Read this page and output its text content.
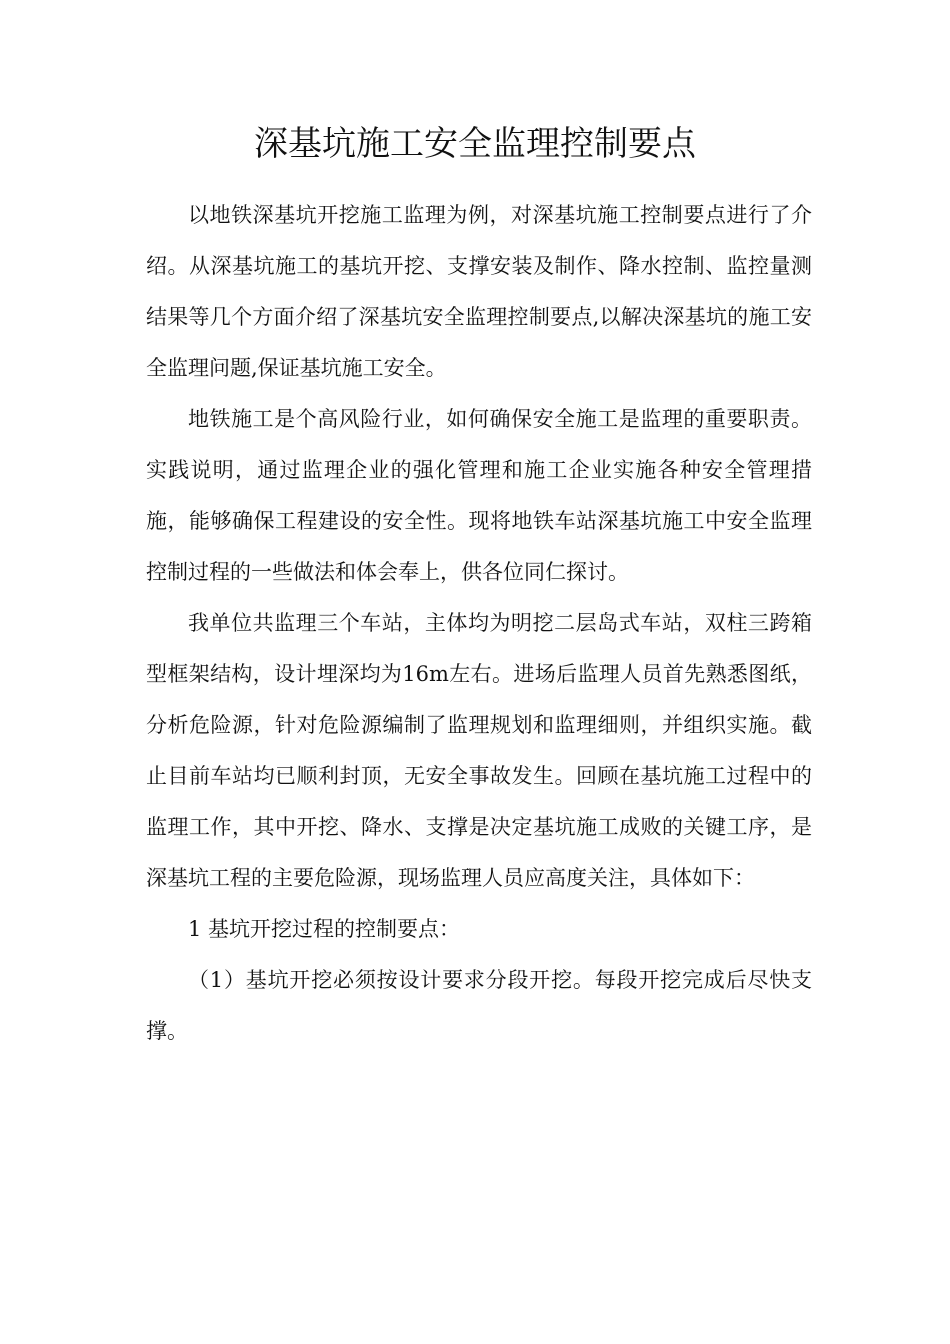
深基坑施工安全监理控制要点

以地铁深基坑开挖施工监理为例，对深基坑施工控制要点进行了介绍。从深基坑施工的基坑开挖、支撑安装及制作、降水控制、监控量测结果等几个方面介绍了深基坑安全监理控制要点,以解决深基坑的施工安全监理问题,保证基坑施工安全。

地铁施工是个高风险行业，如何确保安全施工是监理的重要职责。实践说明，通过监理企业的强化管理和施工企业实施各种安全管理措施，能够确保工程建设的安全性。现将地铁车站深基坑施工中安全监理控制过程的一些做法和体会奉上，供各位同仁探讨。

我单位共监理三个车站，主体均为明挖二层岛式车站，双柱三跨箱型框架结构，设计埋深均为16m左右。进场后监理人员首先熟悉图纸，分析危险源，针对危险源编制了监理规划和监理细则，并组织实施。截止目前车站均已顺利封顶，无安全事故发生。回顾在基坑施工过程中的监理工作，其中开挖、降水、支撑是决定基坑施工成败的关键工序，是深基坑工程的主要危险源，现场监理人员应高度关注，具体如下：

1 基坑开挖过程的控制要点：

（1）基坑开挖必须按设计要求分段开挖。每段开挖完成后尽快支撑。
